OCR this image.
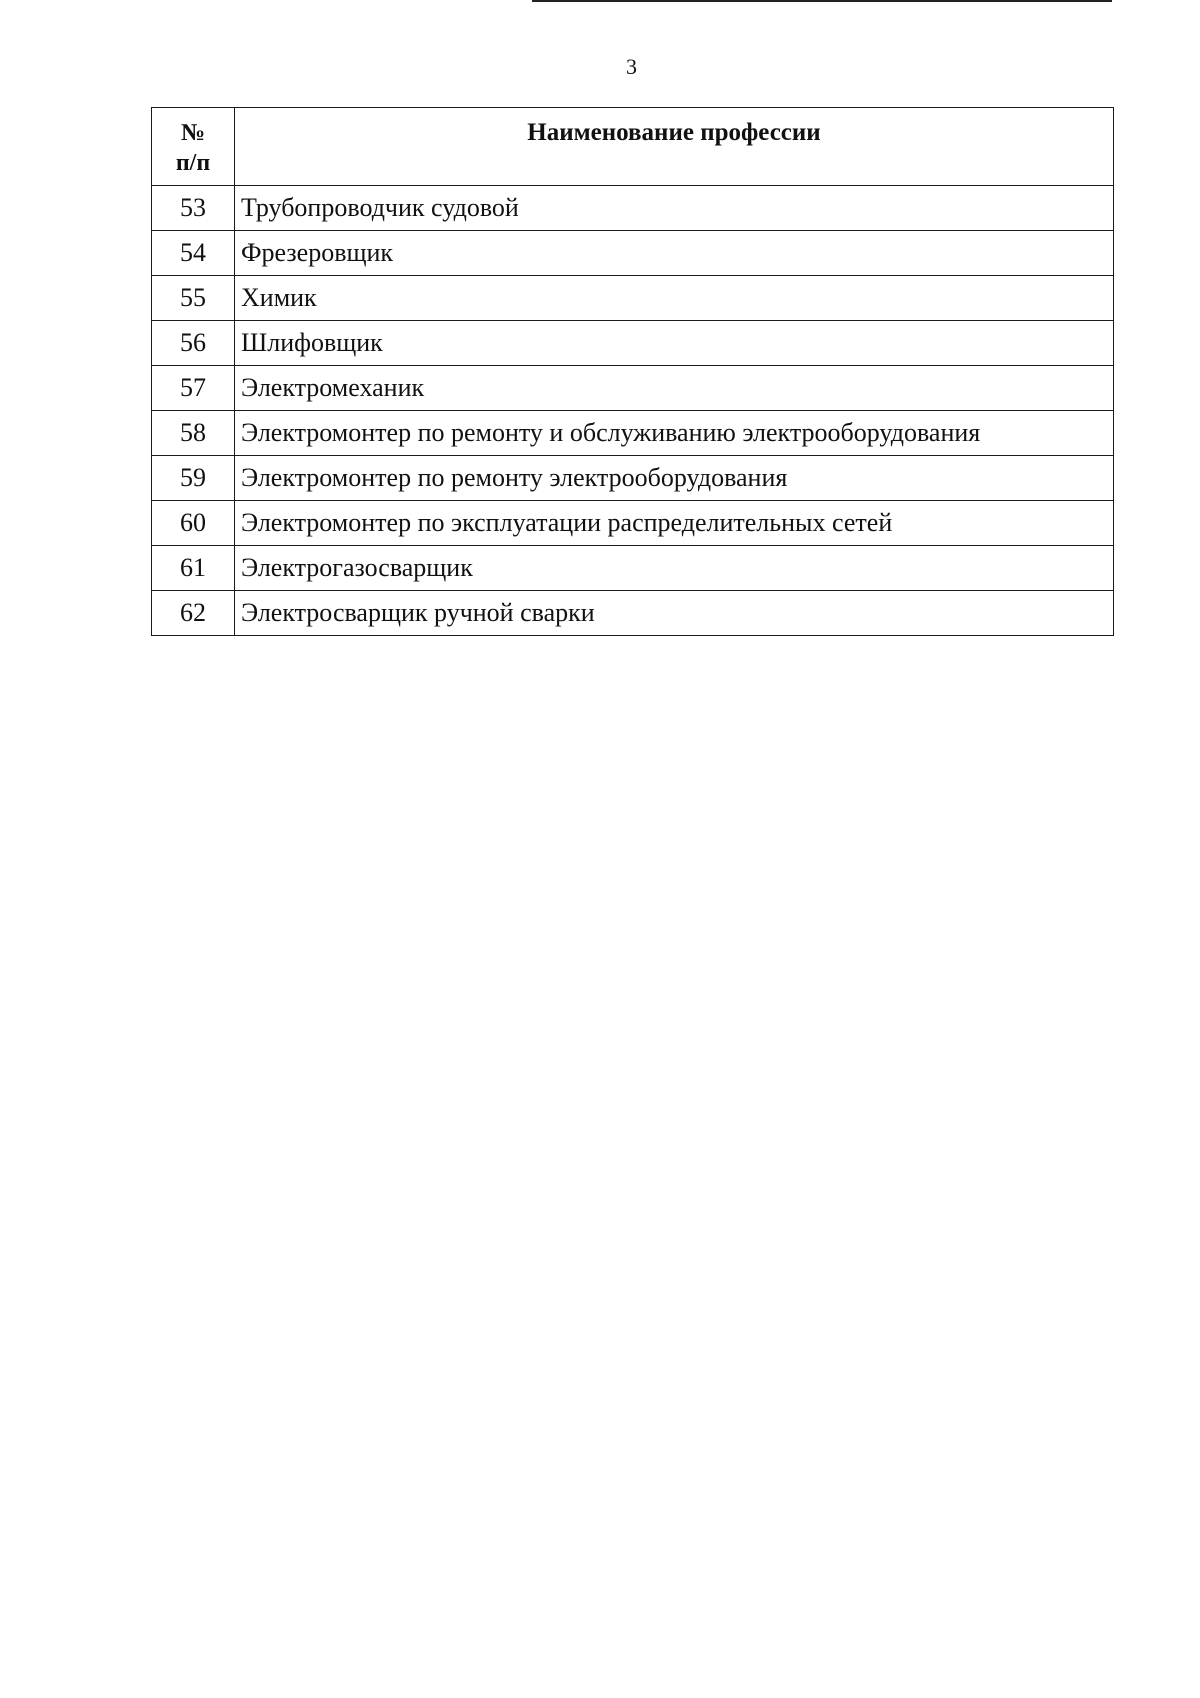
3
№
п/п	Наименование профессии
53	Трубопроводчик судовой
54	Фрезеровщик
55	Химик
56	Шлифовщик
57	Электромеханик
58	Электромонтер по ремонту и обслуживанию электрооборудования
59	Электромонтер по ремонту электрооборудования
60	Электромонтер по эксплуатации распределительных сетей
61	Электрогазосварщик
62	Электросварщик ручной сварки
